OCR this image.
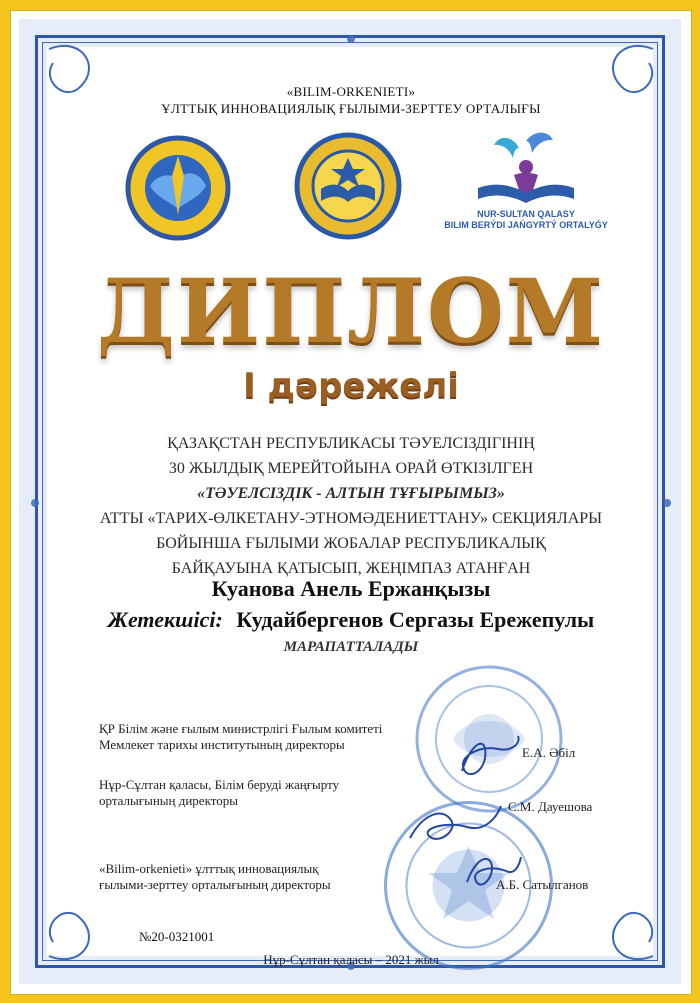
«BILIM-ORKENIETI»
ҰЛТТЫҚ ИННОВАЦИЯЛЫҚ ҒЫЛЫМИ-ЗЕРТТЕУ ОРТАЛЫҒЫ
NUR-SULTAN QALASY
BILIM BERÝDI JAŃGYRTÝ ORTALYǴY
ДИПЛОМ
І дәрежелі
ҚАЗАҚСТАН РЕСПУБЛИКАСЫ ТӘУЕЛСІЗДІГІНІҢ
30 ЖЫЛДЫҚ МЕРЕЙТОЙЫНА ОРАЙ ӨТКІЗІЛГЕН
«ТӘУЕЛСІЗДІК - АЛТЫН ТҰҒЫРЫМЫЗ»
АТТЫ «ТАРИХ-ӨЛКЕТАНУ-ЭТНОМӘДЕНИЕТТАНУ» СЕКЦИЯЛАРЫ
БОЙЫНША ҒЫЛЫМИ ЖОБАЛАР РЕСПУБЛИКАЛЫҚ
БАЙҚАУЫНА ҚАТЫСЫП, ЖЕҢІМПАЗ АТАНҒАН
Куанова Анель Ержанқызы
Жетекшісі: Кудайбергенов Сергазы Ережепулы
МАРАПАТТАЛАДЫ
ҚР Білім және ғылым министрлігі Ғылым комитеті
Мемлекет тарихы институтының директоры
Нұр-Сұлтан қаласы, Білім беруді жаңғырту
орталығының директоры
«Bilim-orkenieti» ұлттық инновациялық
ғылыми-зерттеу орталығының директоры
Е.А. Әбіл
С.М. Дауешова
А.Б. Сатылганов
№20-0321001
Нұр-Сұлтан қаласы – 2021 жыл
